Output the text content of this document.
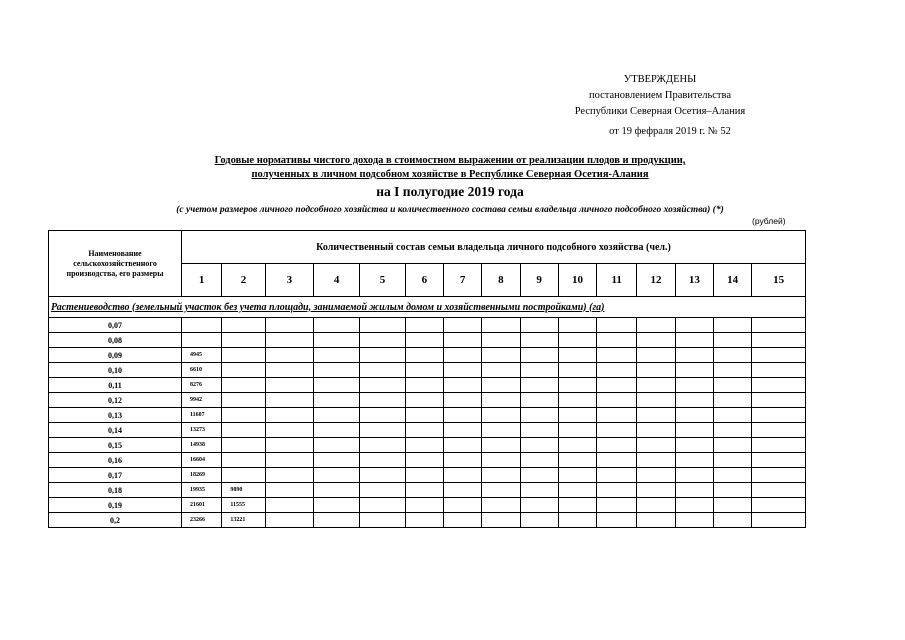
УТВЕРЖДЕНЫ
постановлением Правительства
Республики Северная Осетия–Алания
от 19 фефраля 2019 г. № 52
Годовые нормативы чистого дохода в стоимостном выражении от реализации плодов и продукции,
полученных в личном подсобном хозяйстве в Республике Северная Осетия-Алания
на I полугодие 2019 года
(с учетом размеров личного подсобного хозяйства и количественного состава семьи владельца личного подсобного хозяйства) (*)
(рублей)
Наименование сельскохозяйственного производства, его размеры	Количественный состав семьи владельца личного подсобного хозяйства (чел.)														
	1	2	3	4	5	6	7	8	9	10	11	12	13	14	15
Растениеводство (земельный участок без учета площади, занимаемой жилым домом и хозяйственными постройками) (га)															
0,07															
0,08															
0,09	4945														
0,10	6610														
0,11	8276														
0,12	9942														
0,13	11607														
0,14	13273														
0,15	14938														
0,16	16604														
0,17	18269														
0,18	19935	9890													
0,19	21601	11555													
0,2	23266	13221													
